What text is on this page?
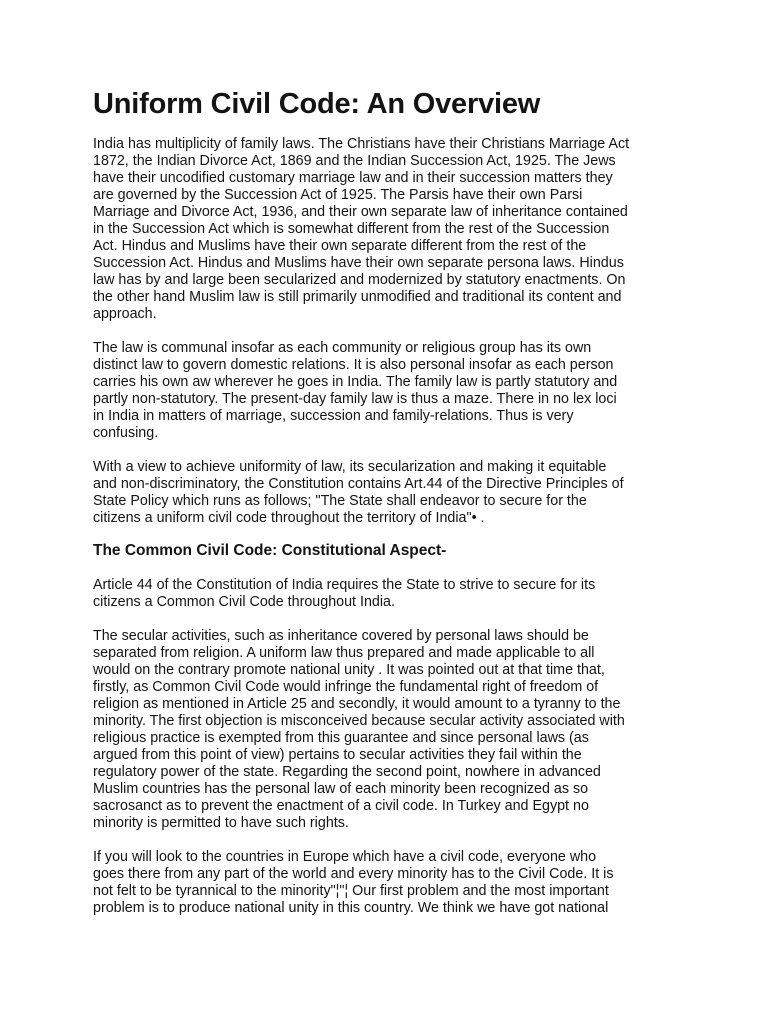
Uniform Civil Code: An Overview
India has multiplicity of family laws. The Christians have their Christians Marriage Act
1872, the Indian Divorce Act, 1869 and the Indian Succession Act, 1925. The Jews
have their uncodified customary marriage law and in their succession matters they
are governed by the Succession Act of 1925. The Parsis have their own Parsi
Marriage and Divorce Act, 1936, and their own separate law of inheritance contained
in the Succession Act which is somewhat different from the rest of the Succession
Act. Hindus and Muslims have their own separate different from the rest of the
Succession Act. Hindus and Muslims have their own separate persona laws. Hindus
law has by and large been secularized and modernized by statutory enactments. On
the other hand Muslim law is still primarily unmodified and traditional its content and
approach.
The law is communal insofar as each community or religious group has its own
distinct law to govern domestic relations. It is also personal insofar as each person
carries his own aw wherever he goes in India. The family law is partly statutory and
partly non-statutory. The present-day family law is thus a maze. There in no lex loci
in India in matters of marriage, succession and family-relations. Thus is very
confusing.
With a view to achieve uniformity of law, its secularization and making it equitable
and non-discriminatory, the Constitution contains Art.44 of the Directive Principles of
State Policy which runs as follows; "The State shall endeavor to secure for the
citizens a uniform civil code throughout the territory of India"• .
The Common Civil Code: Constitutional Aspect-
Article 44 of the Constitution of India requires the State to strive to secure for its
citizens a Common Civil Code throughout India.
The secular activities, such as inheritance covered by personal laws should be
separated from religion. A uniform law thus prepared and made applicable to all
would on the contrary promote national unity . It was pointed out at that time that,
firstly, as Common Civil Code would infringe the fundamental right of freedom of
religion as mentioned in Article 25 and secondly, it would amount to a tyranny to the
minority. The first objection is misconceived because secular activity associated with
religious practice is exempted from this guarantee and since personal laws (as
argued from this point of view) pertains to secular activities they fail within the
regulatory power of the state. Regarding the second point, nowhere in advanced
Muslim countries has the personal law of each minority been recognized as so
sacrosanct as to prevent the enactment of a civil code. In Turkey and Egypt no
minority is permitted to have such rights.
If you will look to the countries in Europe which have a civil code, everyone who
goes there from any part of the world and every minority has to the Civil Code. It is
not felt to be tyrannical to the minority"¦"¦ Our first problem and the most important
problem is to produce national unity in this country. We think we have got national
